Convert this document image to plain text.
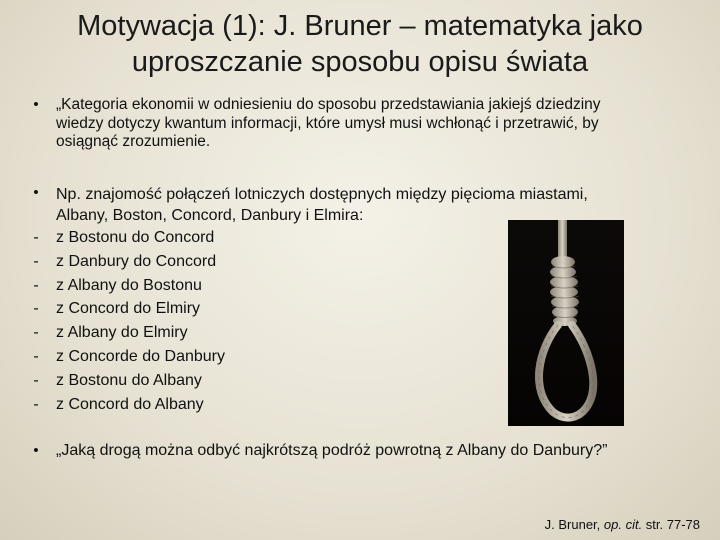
Motywacja (1): J. Bruner – matematyka jako
uproszczanie sposobu opisu świata
• „Kategoria ekonomii w odniesieniu do sposobu przedstawiania jakiejś dziedziny
wiedzy dotyczy kwantum informacji, które umysł musi wchłonąć i przetrawić, by
osiągnąć zrozumienie.
• Np. znajomość połączeń lotniczych dostępnych między pięcioma miastami,
Albany, Boston, Concord, Danbury i Elmira:
- z Bostonu do Concord
- z Danbury do Concord
- z Albany do Bostonu
- z Concord do Elmiry
- z Albany do Elmiry
- z Concorde do Danbury
- z Bostonu do Albany
- z Concord do Albany
• „Jaką drogą można odbyć najkrótszą podróż powrotną z Albany do Danbury?”
J. Bruner, op. cit. str. 77-78
